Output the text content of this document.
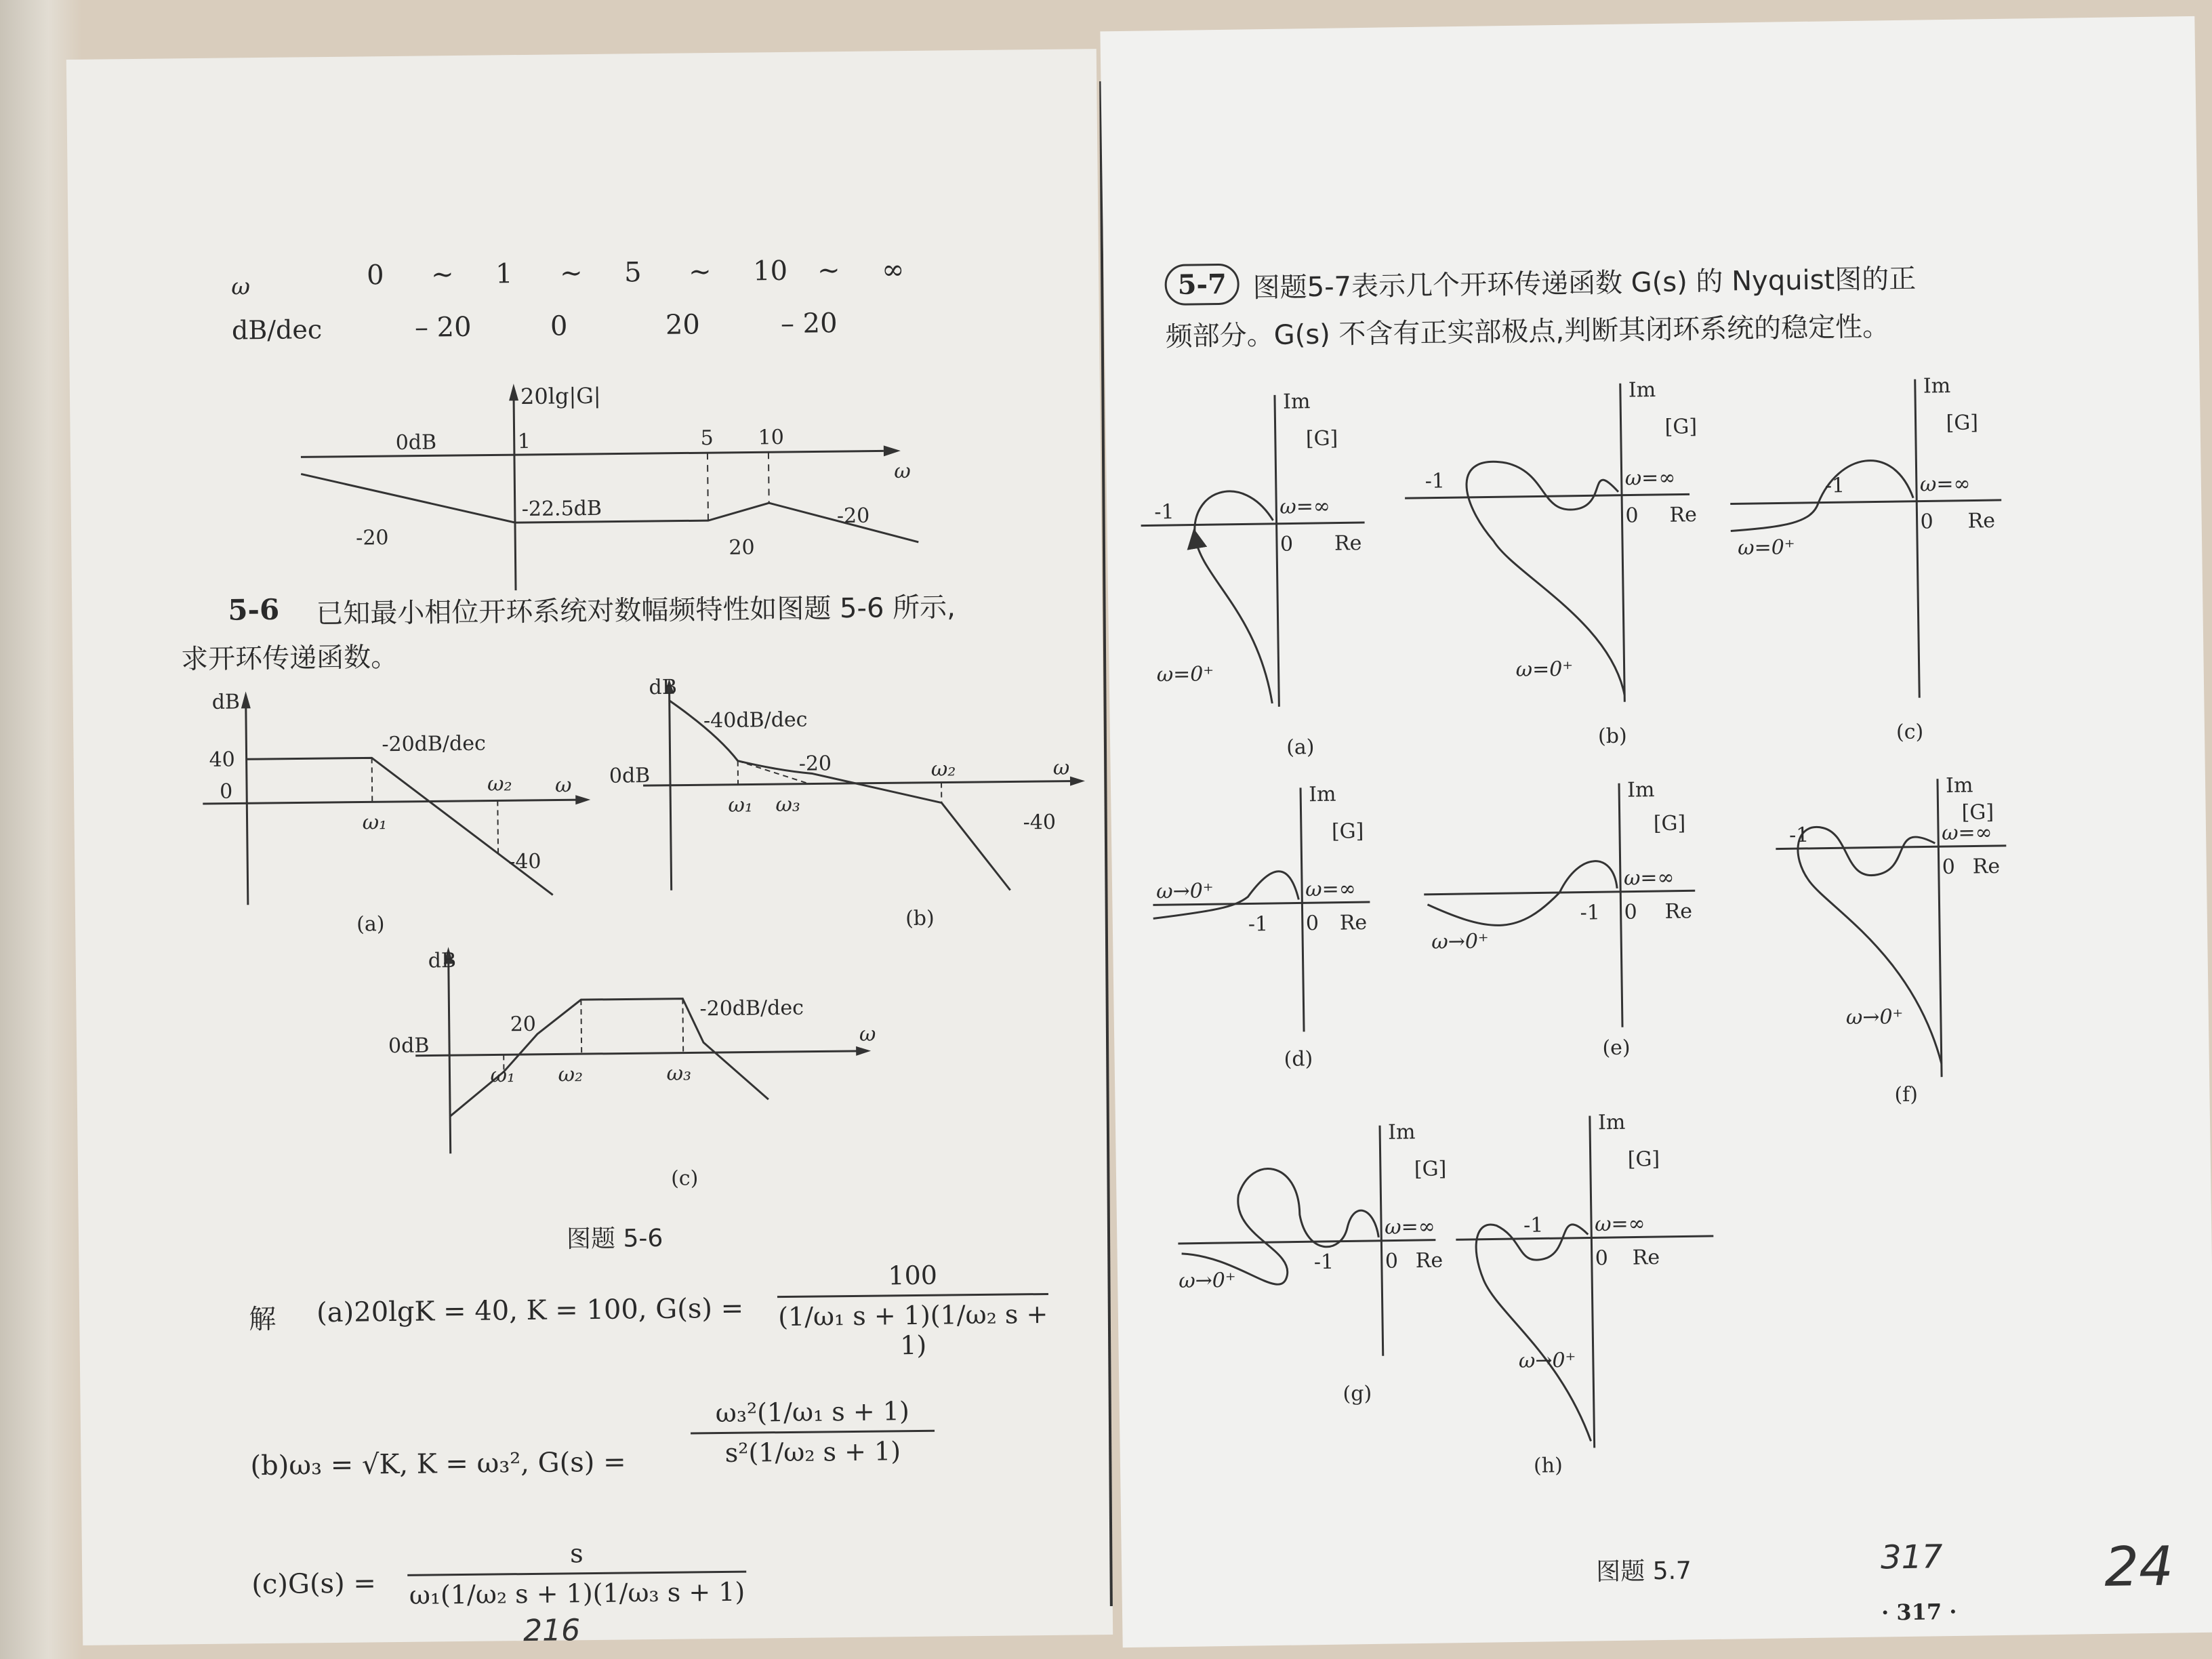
ω	0 ~ 1 ~ 5 ~ 10 ~ ∞
dB/dec	– 20	0	20	– 20
20lg|G|
0dB	1	5 10
ω
-22.5dB
-20	20
-20
5-6 已知最小相位开环系统对数幅频特性如图题 5-6 所示,
求开环传递函数。
dB
40
0
-20dB/dec
ω₁
ω₂ ω
-40
(a)
dB
0dB
-40dB/dec
-20
ω₁ ω₃
ω₂	ω
-40
(b)
dB
0dB
20
-20dB/dec
ω₁ ω₂	ω₃
ω
(c)
图题 5-6
解 (a)20lgK = 40, K = 100, G(s) =
100
(1/ω₁ s + 1)(1/ω₂ s + 1)
(b)ω₃ = √K, K = ω₃², G(s) =
ω₃²(1/ω₁ s + 1)
s²(1/ω₂ s + 1)
(c)G(s) =
s
ω₁(1/ω₂ s + 1)(1/ω₃ s + 1)
216
5-7 图题5-7表示几个开环传递函数 G(s) 的 Nyquist图的正
频部分。G(s) 不含有正实部极点,判断其闭环系统的稳定性。
Im
Re
[G]
ω=∞
0
-1
ω=0⁺
(a)
Im
Re
[G]
ω=∞
0
-1
ω=0⁺
(b)
Im
Re
[G]
ω=∞
0
-1
ω=0⁺
(c)
Im
Re
[G]
ω=∞
0
-1
ω→0⁺
(d)
Im
Re
[G]
ω=∞
0
-1
ω→0⁺
(e)
Im
Re
[G]
ω=∞
0
-1
ω→0⁺
(f)
Im
Re
[G]
ω=∞
0
-1
ω→0⁺
(g)
Im
Re
[G]
ω=∞
0
-1
ω→0⁺
(h)
图题 5.7	317
· 317 ·
24
